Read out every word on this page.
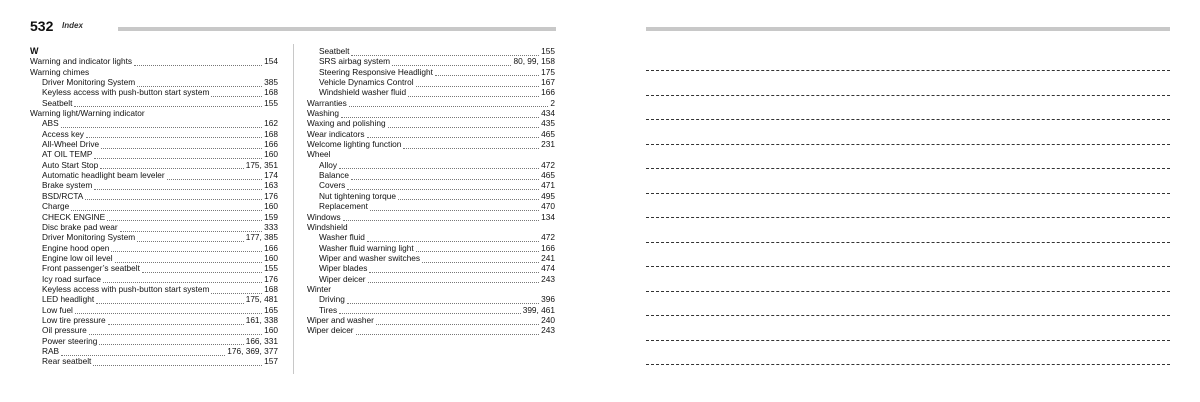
532 Index
W
Warning and indicator lights	154
Warning chimes
Driver Monitoring System	385
Keyless access with push-button start system	168
Seatbelt	155
Warning light/Warning indicator
ABS	162
Access key	168
All-Wheel Drive	166
AT OIL TEMP	160
Auto Start Stop	175, 351
Automatic headlight beam leveler	174
Brake system	163
BSD/RCTA	176
Charge	160
CHECK ENGINE	159
Disc brake pad wear	333
Driver Monitoring System	177, 385
Engine hood open	166
Engine low oil level	160
Front passenger’s seatbelt	155
Icy road surface	176
Keyless access with push-button start system	168
LED headlight	175, 481
Low fuel	165
Low tire pressure	161, 338
Oil pressure	160
Power steering	166, 331
RAB	176, 369, 377
Rear seatbelt	157
Seatbelt	155
SRS airbag system	80, 99, 158
Steering Responsive Headlight	175
Vehicle Dynamics Control	167
Windshield washer fluid	166
Warranties	2
Washing	434
Waxing and polishing	435
Wear indicators	465
Welcome lighting function	231
Wheel
Alloy	472
Balance	465
Covers	471
Nut tightening torque	495
Replacement	470
Windows	134
Windshield
Washer fluid	472
Washer fluid warning light	166
Wiper and washer switches	241
Wiper blades	474
Wiper deicer	243
Winter
Driving	396
Tires	399, 461
Wiper and washer	240
Wiper deicer	243
